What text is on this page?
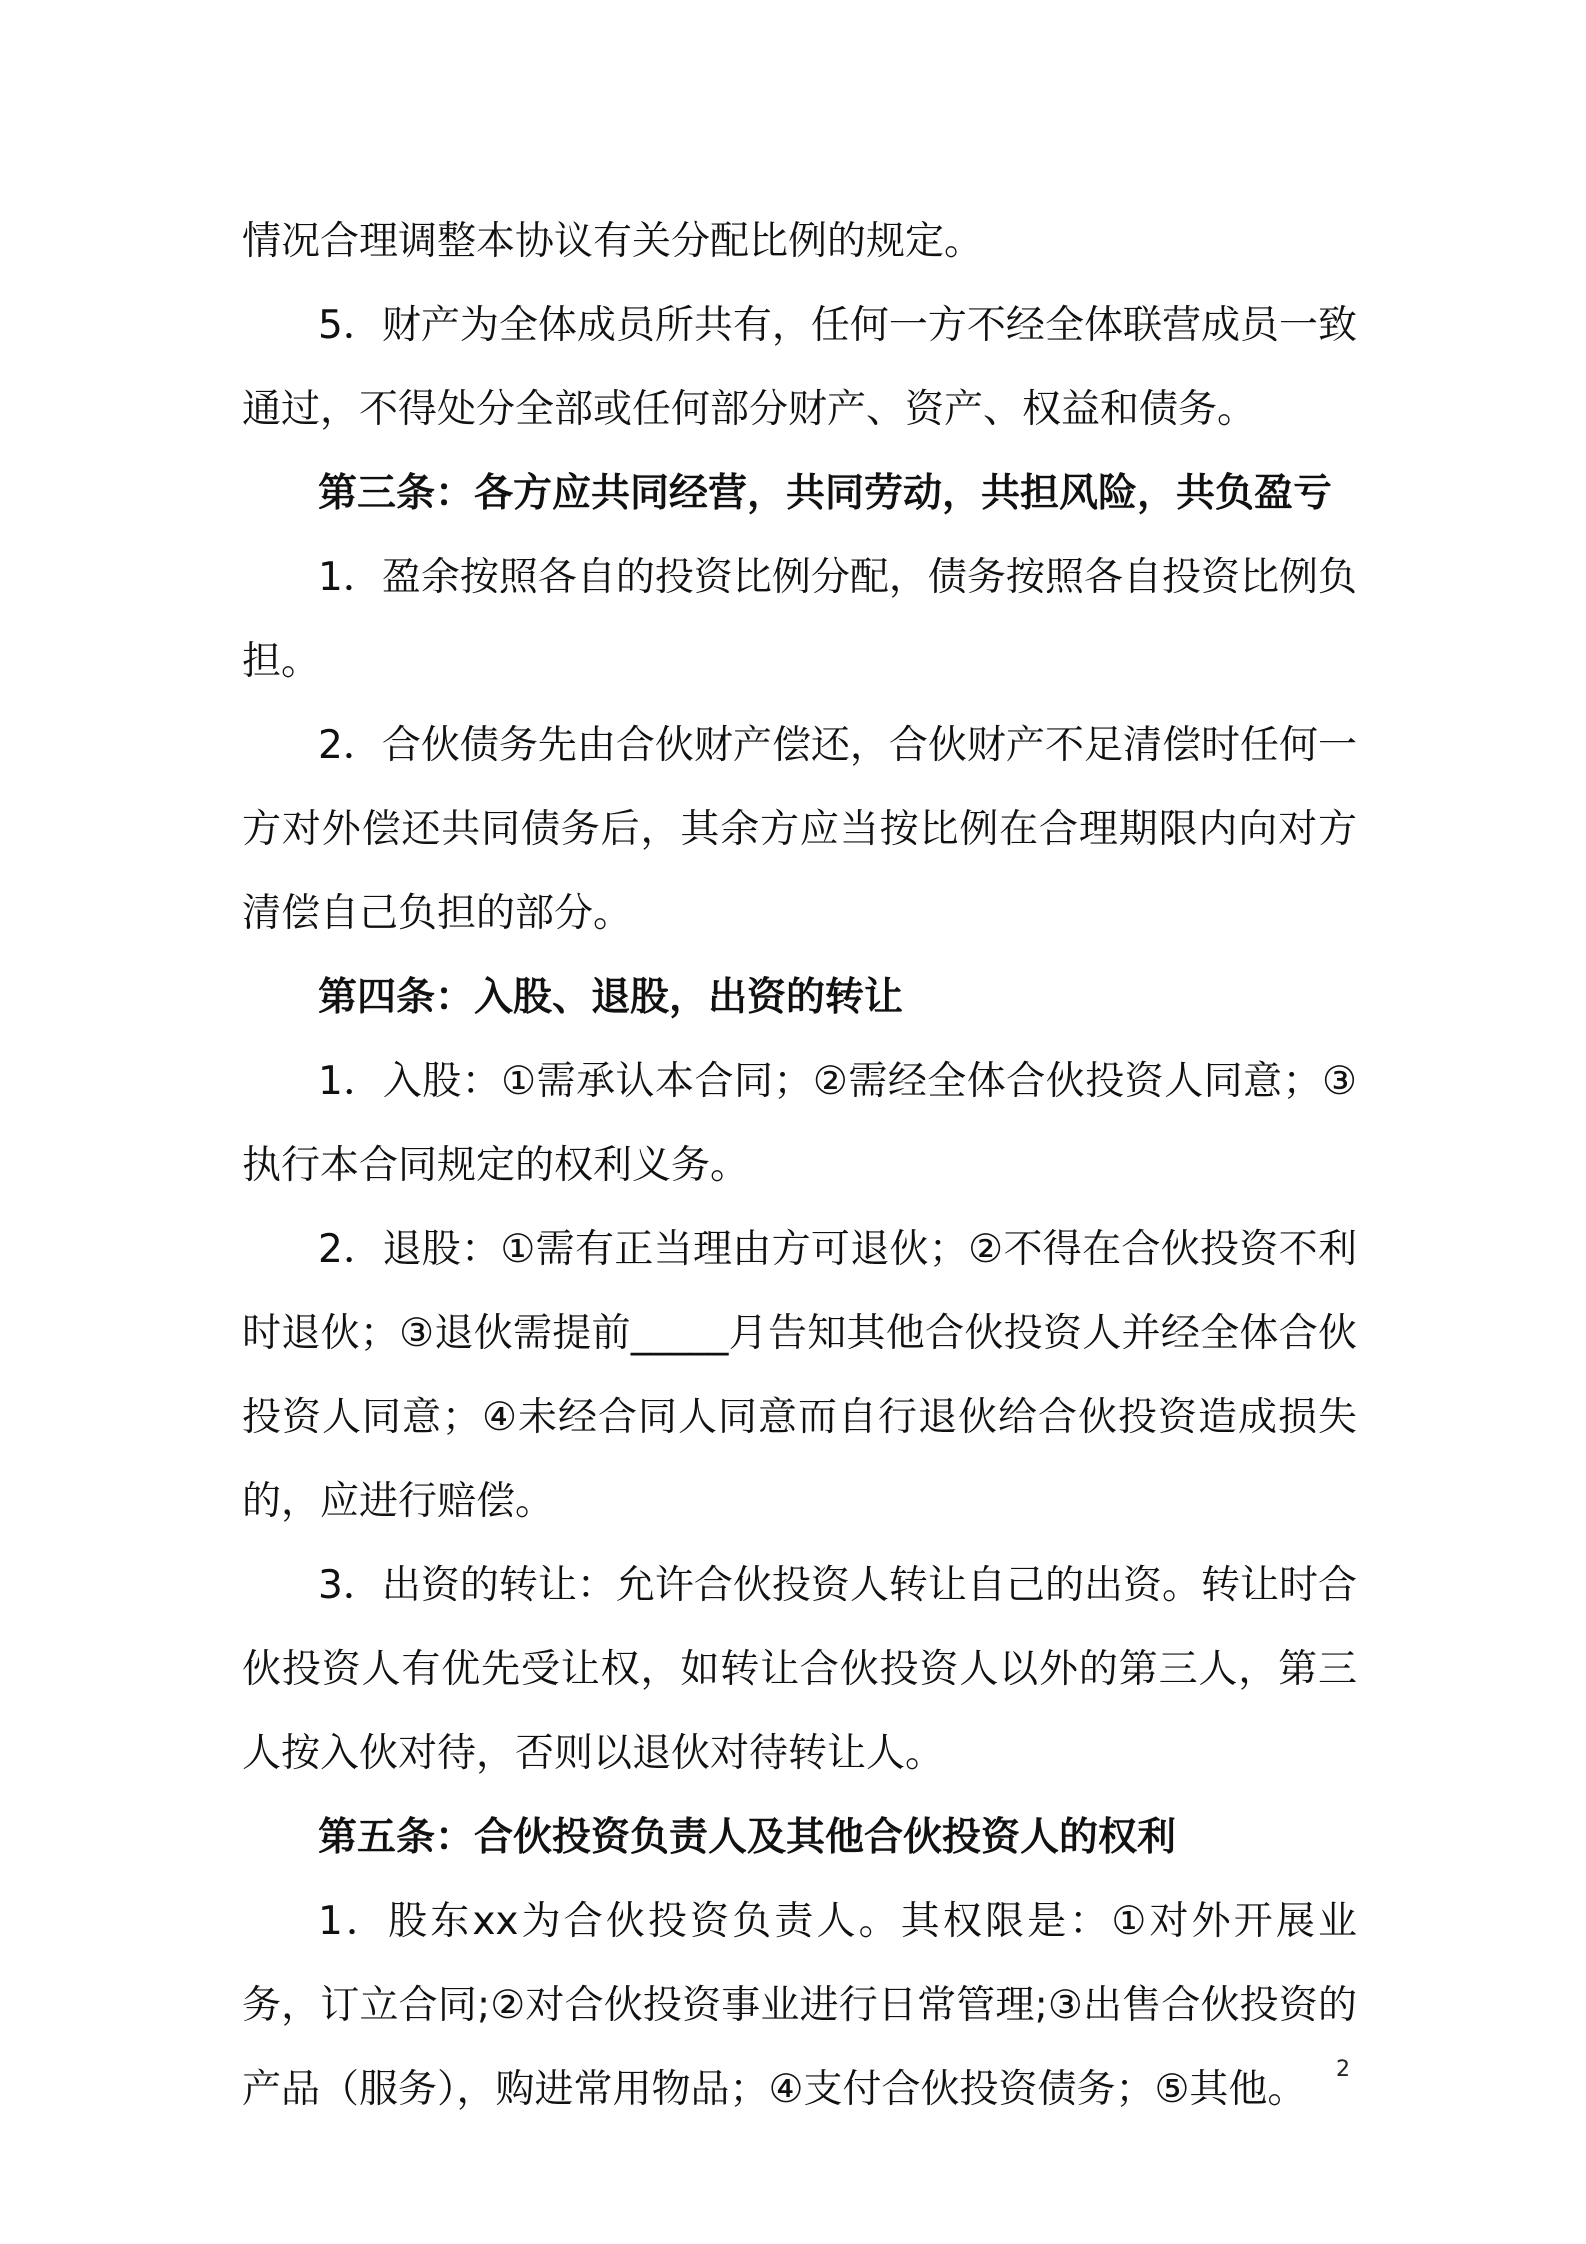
情况合理调整本协议有关分配比例的规定。

5．财产为全体成员所共有，任何一方不经全体联营成员一致通过，不得处分全部或任何部分财产、资产、权益和债务。

第三条：各方应共同经营，共同劳动，共担风险，共负盈亏

1．盈余按照各自的投资比例分配，债务按照各自投资比例负担。

2．合伙债务先由合伙财产偿还，合伙财产不足清偿时任何一方对外偿还共同债务后，其余方应当按比例在合理期限内向对方清偿自己负担的部分。

第四条：入股、退股，出资的转让

1．入股：①需承认本合同；②需经全体合伙投资人同意；③执行本合同规定的权利义务。

2．退股：①需有正当理由方可退伙；②不得在合伙投资不利时退伙；③退伙需提前_____月告知其他合伙投资人并经全体合伙投资人同意；④未经合同人同意而自行退伙给合伙投资造成损失的，应进行赔偿。

3．出资的转让：允许合伙投资人转让自己的出资。转让时合伙投资人有优先受让权，如转让合伙投资人以外的第三人，第三人按入伙对待，否则以退伙对待转让人。

第五条：合伙投资负责人及其他合伙投资人的权利

1．股东xx为合伙投资负责人。其权限是：①对外开展业务，订立合同;②对合伙投资事业进行日常管理;③出售合伙投资的产品（服务），购进常用物品；④支付合伙投资债务；⑤其他。	2
